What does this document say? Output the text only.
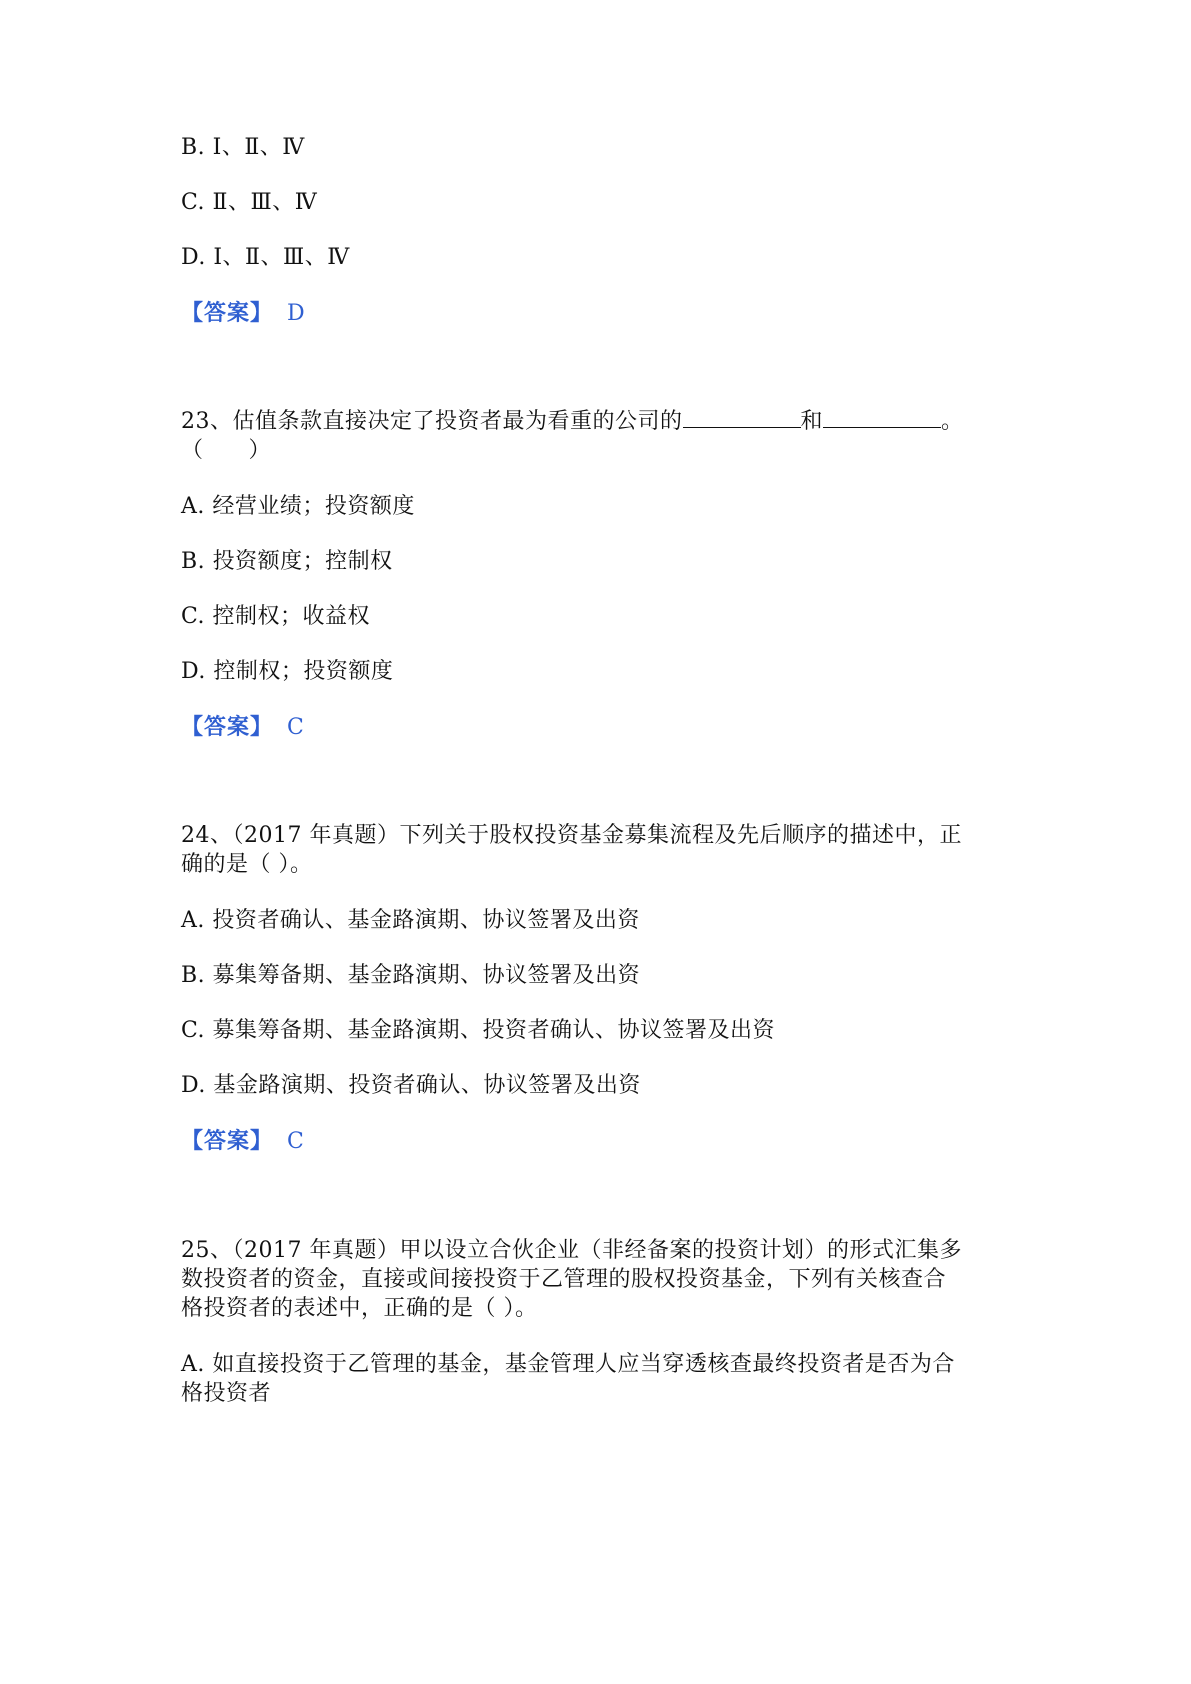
B. Ⅰ、Ⅱ、Ⅳ
C. Ⅱ、Ⅲ、Ⅳ
D. Ⅰ、Ⅱ、Ⅲ、Ⅳ
【答案】 D
23、估值条款直接决定了投资者最为看重的公司的	和	。
（　　）
A. 经营业绩；投资额度
B. 投资额度；控制权
C. 控制权；收益权
D. 控制权；投资额度
【答案】 C
24、（2017 年真题）下列关于股权投资基金募集流程及先后顺序的描述中，正
确的是（ ）。
A. 投资者确认、基金路演期、协议签署及出资
B. 募集筹备期、基金路演期、协议签署及出资
C. 募集筹备期、基金路演期、投资者确认、协议签署及出资
D. 基金路演期、投资者确认、协议签署及出资
【答案】 C
25、（2017 年真题）甲以设立合伙企业（非经备案的投资计划）的形式汇集多
数投资者的资金，直接或间接投资于乙管理的股权投资基金，下列有关核查合
格投资者的表述中，正确的是（ ）。
A. 如直接投资于乙管理的基金，基金管理人应当穿透核查最终投资者是否为合
格投资者
